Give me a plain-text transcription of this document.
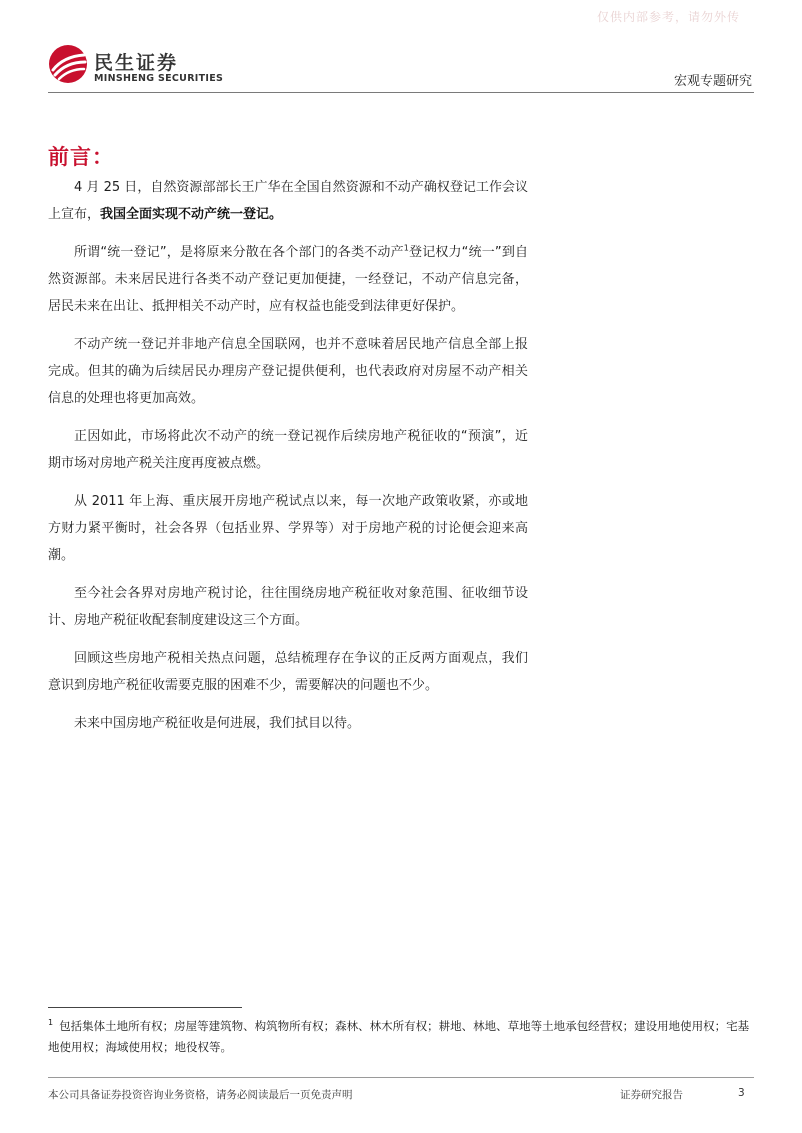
仅供内部参考，请勿外传
民生证券
MINSHENG SECURITIES	宏观专题研究
前言：

4 月 25 日，自然资源部部长王广华在全国自然资源和不动产确权登记工作会议上宣布，我国全面实现不动产统一登记。

所谓“统一登记”，是将原来分散在各个部门的各类不动产$^1$登记权力“统一”到自然资源部。未来居民进行各类不动产登记更加便捷，一经登记，不动产信息完备，居民未来在出让、抵押相关不动产时，应有权益也能受到法律更好保护。

不动产统一登记并非地产信息全国联网，也并不意味着居民地产信息全部上报完成。但其的确为后续居民办理房产登记提供便利，也代表政府对房屋不动产相关信息的处理也将更加高效。

正因如此，市场将此次不动产的统一登记视作后续房地产税征收的“预演”，近期市场对房地产税关注度再度被点燃。

从 2011 年上海、重庆展开房地产税试点以来，每一次地产政策收紧，亦或地方财力紧平衡时，社会各界（包括业界、学界等）对于房地产税的讨论便会迎来高潮。

至今社会各界对房地产税讨论，往往围绕房地产税征收对象范围、征收细节设计、房地产税征收配套制度建设这三个方面。

回顾这些房地产税相关热点问题，总结梳理存在争议的正反两方面观点，我们意识到房地产税征收需要克服的困难不少，需要解决的问题也不少。

未来中国房地产税征收是何进展，我们拭目以待。

$^1$ 包括集体土地所有权；房屋等建筑物、构筑物所有权；森林、林木所有权；耕地、林地、草地等土地承包经营权；建设用地使用权；宅基地使用权；海域使用权；地役权等。
本公司具备证券投资咨询业务资格，请务必阅读最后一页免责声明	证券研究报告	3
